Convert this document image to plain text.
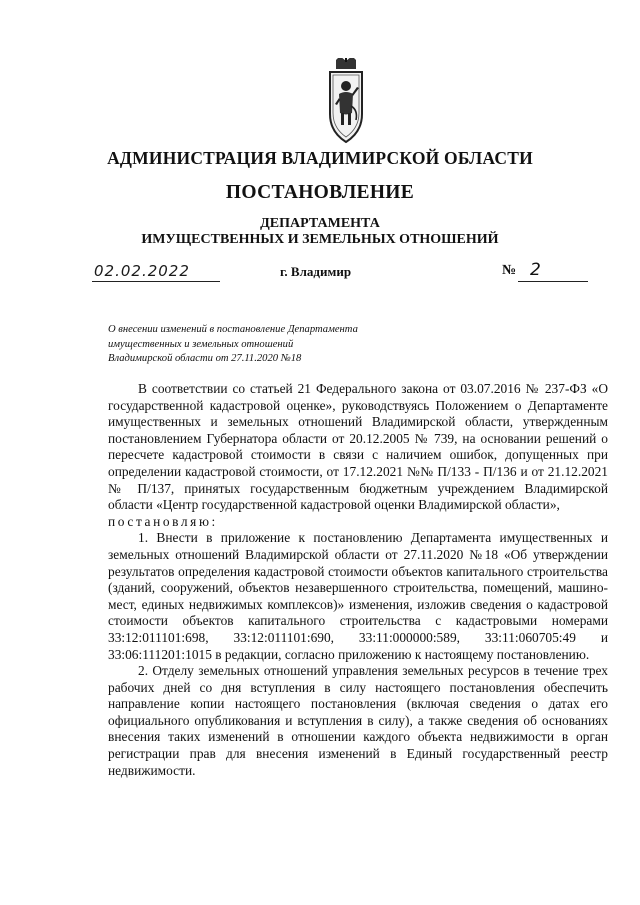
АДМИНИСТРАЦИЯ ВЛАДИМИРСКОЙ ОБЛАСТИ
ПОСТАНОВЛЕНИЕ
ДЕПАРТАМЕНТА
ИМУЩЕСТВЕННЫХ И ЗЕМЕЛЬНЫХ ОТНОШЕНИЙ
02.02.2022	г. Владимир	№ 2
О внесении изменений в постановление Департамента
имущественных и земельных отношений
Владимирской области от 27.11.2020 №18

В соответствии со статьей 21 Федерального закона от 03.07.2016 № 237-ФЗ «О государственной кадастровой оценке», руководствуясь Положением о Департаменте имущественных и земельных отношений Владимирской области, утвержденным постановлением Губернатора области от 20.12.2005 № 739, на основании решений о пересчете кадастровой стоимости в связи с наличием ошибок, допущенных при определении кадастровой стоимости, от 17.12.2021 №№ П/133 - П/136 и от 21.12.2021 № П/137, принятых государственным бюджетным учреждением Владимирской области «Центр государственной кадастровой оценки Владимирской области»,

постановляю:

1. Внести в приложение к постановлению Департамента имущественных и земельных отношений Владимирской области от 27.11.2020 №18 «Об утверждении результатов определения кадастровой стоимости объектов капитального строительства (зданий, сооружений, объектов незавершенного строительства, помещений, машино-мест, единых недвижимых комплексов)» изменения, изложив сведения о кадастровой стоимости объектов капитального строительства с кадастровыми номерами 33:12:011101:698, 33:12:011101:690, 33:11:000000:589, 33:11:060705:49 и 33:06:111201:1015 в редакции, согласно приложению к настоящему постановлению.

2. Отделу земельных отношений управления земельных ресурсов в течение трех рабочих дней со дня вступления в силу настоящего постановления обеспечить направление копии настоящего постановления (включая сведения о датах его официального опубликования и вступления в силу), а также сведения об основаниях внесения таких изменений в отношении каждого объекта недвижимости в орган регистрации прав для внесения изменений в Единый государственный реестр недвижимости.
